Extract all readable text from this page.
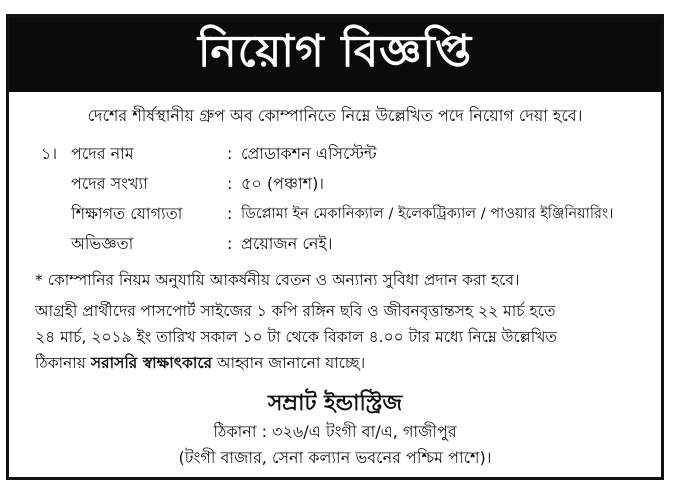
নিয়োগ বিজ্ঞপ্তি
দেশের শীর্ষস্থানীয় গ্রুপ অব কোম্পানিতে নিম্নে উল্লেখিত পদে নিয়োগ দেয়া হবে।
১। পদের নাম	: প্রোডাকশন এসিস্টেন্ট
পদের সংখ্যা	: ৫০ (পঞ্চাশ)।
শিক্ষাগত যোগ্যতা	: ডিপ্লোমা ইন মেকানিক্যাল / ইলেকট্রিক্যাল / পাওয়ার ইঞ্জিনিয়ারিং।
অভিজ্ঞতা	: প্রয়োজন নেই।
* কোম্পানির নিয়ম অনুযায়ি আকর্ষনীয় বেতন ও অন্যান্য সুবিধা প্রদান করা হবে।
আগ্রহী প্রার্থীদের পাসপোর্ট সাইজের ১ কপি রঙ্গিন ছবি ও জীবনবৃত্তান্তসহ ২২ মার্চ হতে
২৪ মার্চ, ২০১৯ ইং তারিখ সকাল ১০ টা থেকে বিকাল ৪.০০ টার মধ্যে নিম্নে উল্লেখিত
ঠিকানায় সরাসরি স্বাক্ষাৎকারে আহ্বান জানানো যাচ্ছে।
সম্রাট ইন্ডাস্ট্রিজ
ঠিকানা : ৩২৬/এ টংগী বা/এ, গাজীপুর
(টংগী বাজার, সেনা কল্যান ভবনের পশ্চিম পাশে)।
